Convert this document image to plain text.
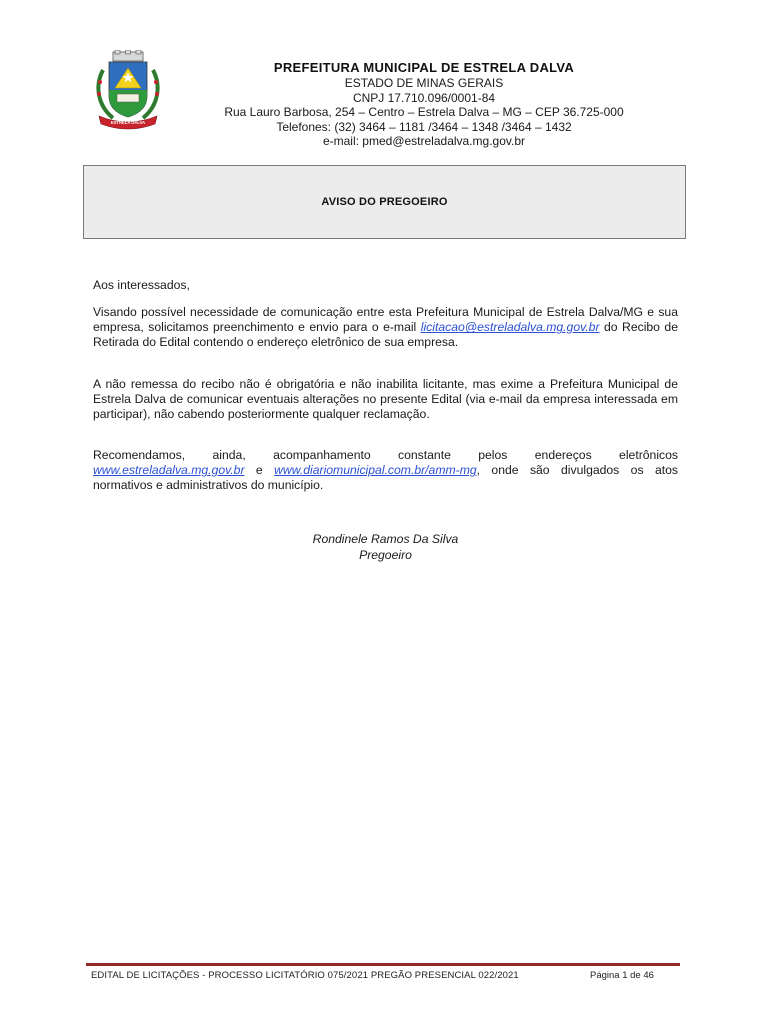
ESTRELA DALVA
PREFEITURA MUNICIPAL DE ESTRELA DALVA
ESTADO DE MINAS GERAIS
CNPJ 17.710.096/0001-84
Rua Lauro Barbosa, 254 – Centro – Estrela Dalva – MG – CEP 36.725-000
Telefones: (32) 3464 – 1181 /3464 – 1348 /3464 – 1432
e-mail: pmed@estreladalva.mg.gov.br
AVISO DO PREGOEIRO
Aos interessados,
Visando possível necessidade de comunicação entre esta Prefeitura Municipal de Estrela Dalva/MG e sua empresa, solicitamos preenchimento e envio para o e-mail licitacao@estreladalva.mg.gov.br do Recibo de Retirada do Edital contendo o endereço eletrônico de sua empresa.
A não remessa do recibo não é obrigatória e não inabilita licitante, mas exime a Prefeitura Municipal de Estrela Dalva de comunicar eventuais alterações no presente Edital (via e-mail da empresa interessada em participar), não cabendo posteriormente qualquer reclamação.
Recomendamos, ainda, acompanhamento constante pelos endereços eletrônicos www.estreladalva.mg.gov.br e www.diariomunicipal.com.br/amm-mg, onde são divulgados os atos normativos e administrativos do município.
Rondinele Ramos Da Silva
Pregoeiro
EDITAL DE LICITAÇÕES - PROCESSO LICITATÓRIO 075/2021 PREGÃO PRESENCIAL 022/2021	Página 1 de 46
